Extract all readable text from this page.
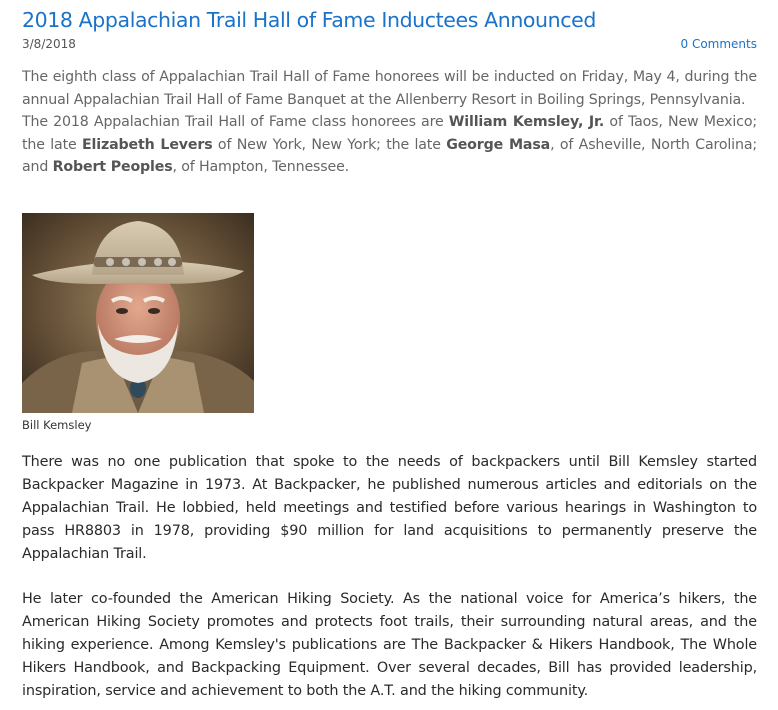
2018 Appalachian Trail Hall of Fame Inductees Announced
3/8/2018	0 Comments

The eighth class of Appalachian Trail Hall of Fame honorees will be inducted on Friday, May 4, during the annual Appalachian Trail Hall of Fame Banquet at the Allenberry Resort in Boiling Springs, Pennsylvania.

The 2018 Appalachian Trail Hall of Fame class honorees are William Kemsley, Jr. of Taos, New Mexico; the late Elizabeth Levers of New York, New York; the late George Masa, of Asheville, North Carolina; and Robert Peoples, of Hampton, Tennessee.

Bill Kemsley

There was no one publication that spoke to the needs of backpackers until Bill Kemsley started Backpacker Magazine in 1973. At Backpacker, he published numerous articles and editorials on the Appalachian Trail. He lobbied, held meetings and testified before various hearings in Washington to pass HR8803 in 1978, providing $90 million for land acquisitions to permanently preserve the Appalachian Trail.

He later co-founded the American Hiking Society. As the national voice for America’s hikers, the American Hiking Society promotes and protects foot trails, their surrounding natural areas, and the hiking experience. Among Kemsley's publications are The Backpacker & Hikers Handbook, The Whole Hikers Handbook, and Backpacking Equipment. Over several decades, Bill has provided leadership, inspiration, service and achievement to both the A.T. and the hiking community.
